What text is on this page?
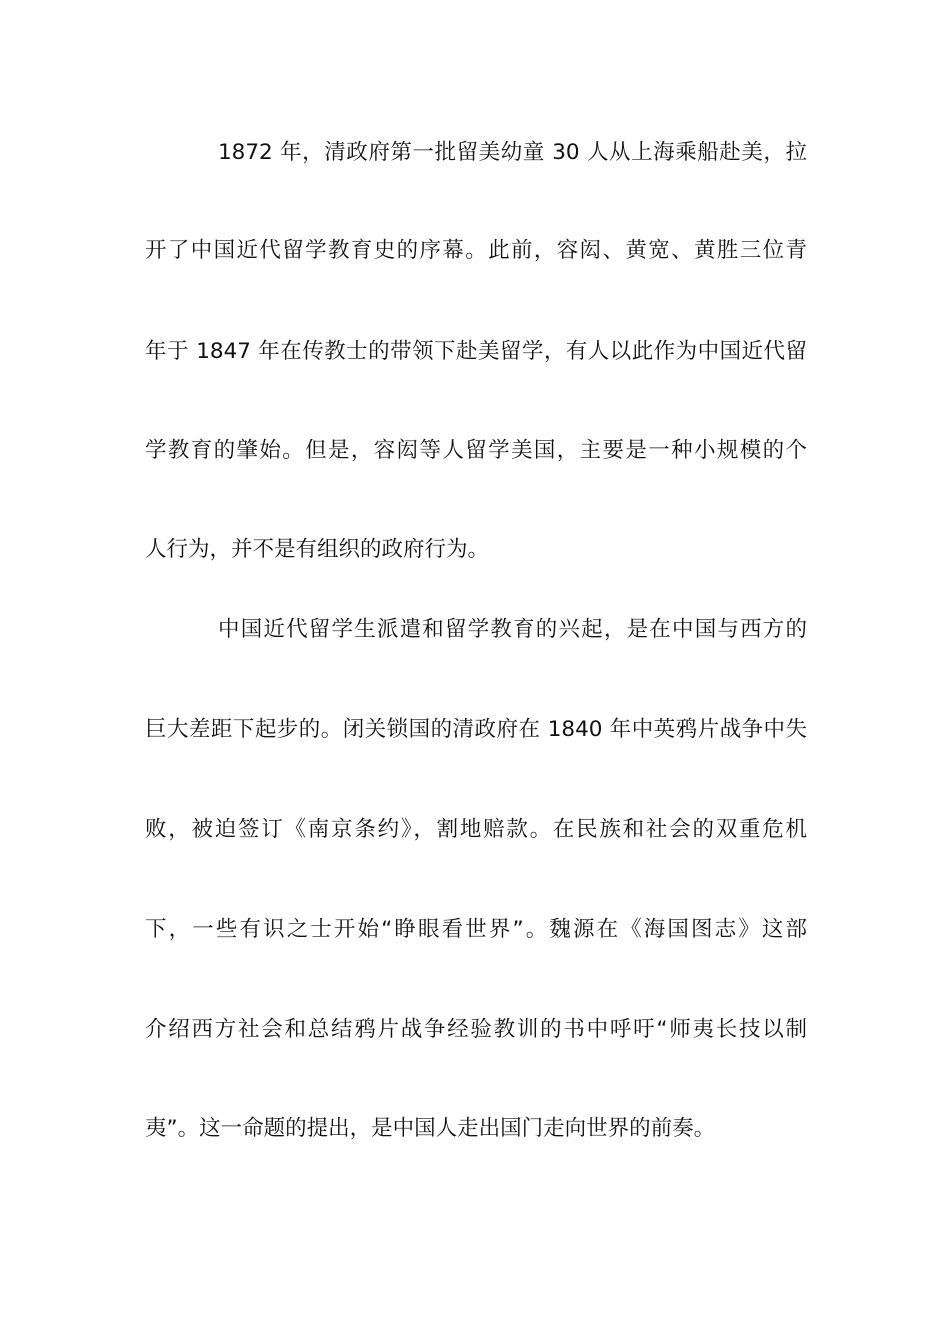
1872 年，清政府第一批留美幼童 30 人从上海乘船赴美，拉
开了中国近代留学教育史的序幕。此前，容闳、黄宽、黄胜三位青
年于 1847 年在传教士的带领下赴美留学，有人以此作为中国近代留
学教育的肇始。但是，容闳等人留学美国，主要是一种小规模的个
人行为，并不是有组织的政府行为。
中国近代留学生派遣和留学教育的兴起，是在中国与西方的
巨大差距下起步的。闭关锁国的清政府在 1840 年中英鸦片战争中失
败，被迫签订《南京条约》，割地赔款。在民族和社会的双重危机
下，一些有识之士开始“睁眼看世界”。魏源在《海国图志》这部
介绍西方社会和总结鸦片战争经验教训的书中呼吁“师夷长技以制
夷”。这一命题的提出，是中国人走出国门走向世界的前奏。
